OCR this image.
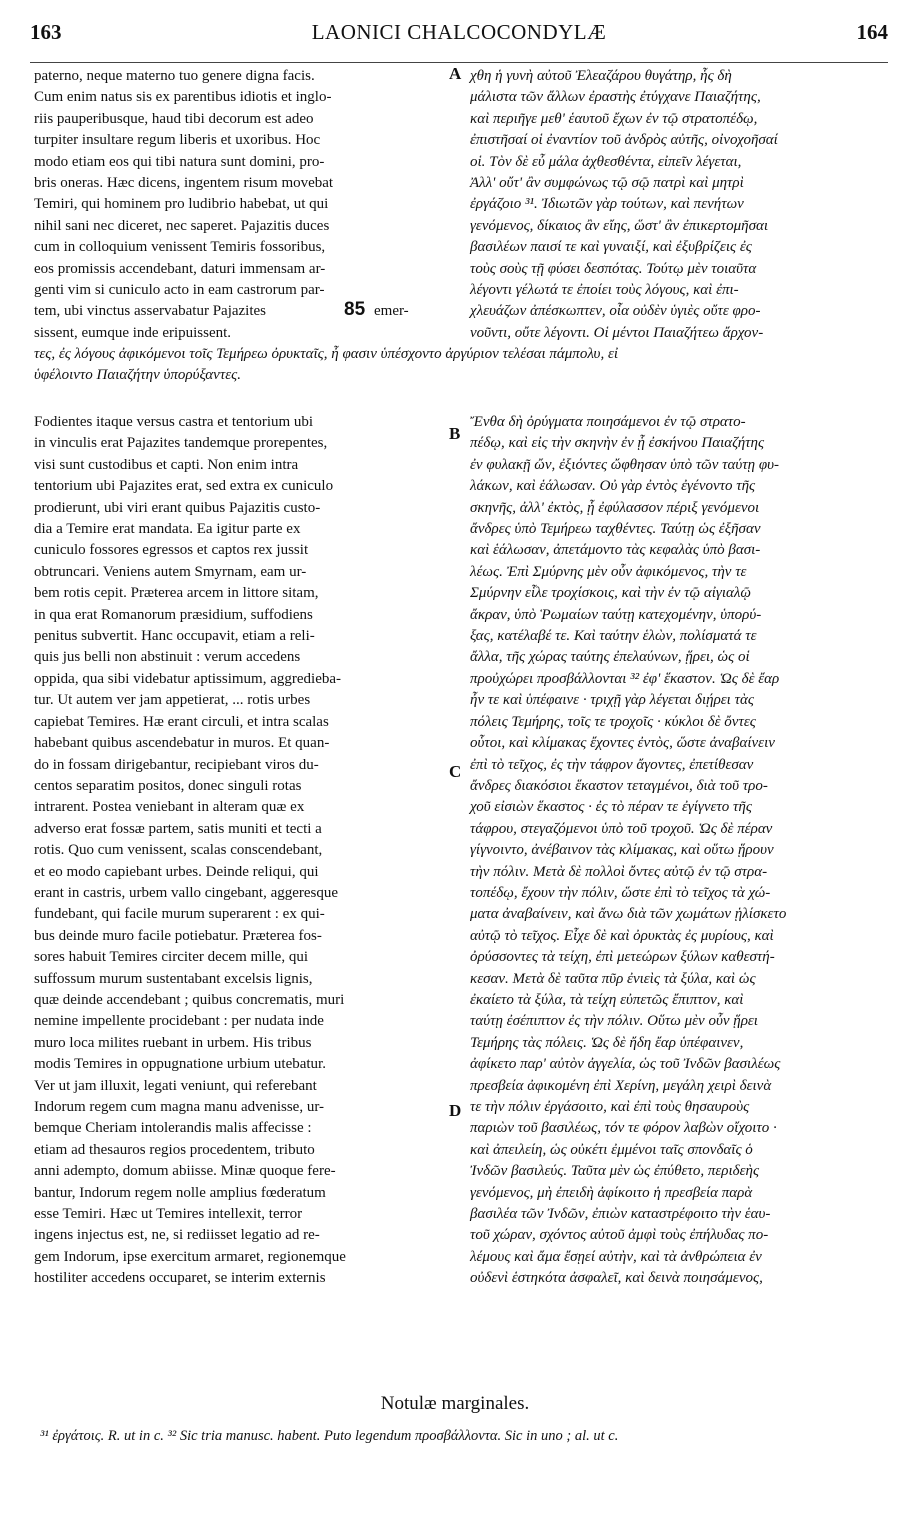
163	LAONICI CHALCOCONDYLÆ	164
paterno, neque materno tuo genere digna facis.
Cum enim natus sis ex parentibus idiotis et inglo-
riis pauperibusque, haud tibi decorum est adeo
turpiter insultare regum liberis et uxoribus. Hoc
modo etiam eos qui tibi natura sunt domini, pro-
bris oneras. Hæc dicens, ingentem risum movebat
Temiri, qui hominem pro ludibrio habebat, ut qui
nihil sani nec diceret, nec saperet. Pajazitis duces
cum in colloquium venissent Temiris fossoribus,
eos promissis accendebant, daturi immensam ar-
genti vim si cuniculo acto in eam castrorum par-
tem, ubi vinctus asservabatur Pajazites	85 emer-
sissent, eumque inde eripuissent.
χθη ἡ γυνὴ αὐτοῦ Ἐλεαζάρου θυγάτηρ, ἧς δὴ
μάλιστα τῶν ἄλλων ἐραστὴς ἐτύγχανε Παιαζήτης,
καὶ περιῆγε μεθ' ἑαυτοῦ ἔχων ἐν τῷ στρατοπέδῳ,
ἐπιστῆσαί οἱ ἐναντίον τοῦ ἀνδρὸς αὐτῆς, οἰνοχοῆσαί
οἱ. Τὸν δὲ εὖ μάλα ἀχθεσθέντα, εἰπεῖν λέγεται,
Ἀλλ' οὔτ' ἂν συμφώνως τῷ σῷ πατρὶ καὶ μητρὶ
ἐργάζοιο ³¹. Ἰδιωτῶν γὰρ τούτων, καὶ πενήτων
γενόμενος, δίκαιος ἂν εἴης, ὥστ' ἂν ἐπικερτομῆσαι
βασιλέων παισί τε καὶ γυναιξί, καὶ ἐξυβρίζεις ἐς
τοὺς σοὺς τῇ φύσει δεσπότας. Τούτῳ μὲν τοιαῦτα
λέγοντι γέλωτά τε ἐποίει τοὺς λόγους, καὶ ἐπι-
χλευάζων ἀπέσκωπτεν, οἷα οὐδὲν ὑγιὲς οὔτε φρο-
νοῦντι, οὔτε λέγοντι. Οἱ μέντοι Παιαζήτεω ἄρχον-
τες, ἐς λόγους ἀφικόμενοι τοῖς Τεμήρεω ὀρυκταῖς, ἦ φασιν ὑπέσχοντο ἀργύριον τελέσαι πάμπολυ, εἰ
ὑφέλοιντο Παιαζήτην ὑπορύξαντες.
Fodientes itaque versus castra et tentorium ubi
in vinculis erat Pajazites tandemque prorepentes,
visi sunt custodibus et capti. Non enim intra
tentorium ubi Pajazites erat, sed extra ex cuniculo
prodierunt, ubi viri erant quibus Pajazitis custo-
dia a Temire erat mandata. Ea igitur parte ex
cuniculo fossores egressos et captos rex jussit
obtruncari. Veniens autem Smyrnam, eam ur-
bem rotis cepit. Præterea arcem in littore sitam,
in qua erat Romanorum præsidium, suffodiens
penitus subvertit. Hanc occupavit, etiam a reli-
quis jus belli non abstinuit : verum accedens
oppida, qua sibi videbatur aptissimum, aggredieba-
tur. Ut autem ver jam appetierat, ... rotis urbes
capiebat Temires. Hæ erant circuli, et intra scalas
habebant quibus ascendebatur in muros. Et quan-
do in fossam dirigebantur, recipiebant viros du-
centos separatim positos, donec singuli rotas
intrarent. Postea veniebant in alteram quæ ex
adverso erat fossæ partem, satis muniti et tecti a
rotis. Quo cum venissent, scalas conscendebant,
et eo modo capiebant urbes. Deinde reliqui, qui
erant in castris, urbem vallo cingebant, aggeresque
fundebant, qui facile murum superarent : ex qui-
bus deinde muro facile potiebatur. Præterea fos-
sores habuit Temires circiter decem mille, qui
suffossum murum sustentabant excelsis lignis,
quæ deinde accendebant ; quibus concrematis, muri
nemine impellente procidebant : per nudata inde
muro loca milites ruebant in urbem. His tribus
modis Temires in oppugnatione urbium utebatur.
Ver ut jam illuxit, legati veniunt, qui referebant
Indorum regem cum magna manu advenisse, ur-
bemque Cheriam intolerandis malis affecisse :
etiam ad thesauros regios procedentem, tributo
anni adempto, domum abiisse. Minæ quoque fere-
bantur, Indorum regem nolle amplius fœderatum
esse Temiri. Hæc ut Temires intellexit, terror
ingens injectus est, ne, si rediisset legatio ad re-
gem Indorum, ipse exercitum armaret, regionemque
hostiliter accedens occuparet, se interim externis
Ἔνθα δὴ ὀρύγματα ποιησάμενοι ἐν τῷ στρατο-
πέδῳ, καὶ εἰς τὴν σκηνὴν ἐν ᾗ ἐσκήνου Παιαζήτης
ἐν φυλακῇ ὤν, ἐξιόντες ὤφθησαν ὑπὸ τῶν ταύτῃ φυ-
λάκων, καὶ ἑάλωσαν. Οὐ γὰρ ἐντὸς ἐγένοντο τῆς
σκηνῆς, ἀλλ' ἐκτὸς, ᾗ ἐφύλασσον πέριξ γενόμενοι
ἄνδρες ὑπὸ Τεμήρεω ταχθέντες. Ταύτῃ ὡς ἐξῆσαν
καὶ ἑάλωσαν, ἀπετάμοντο τὰς κεφαλὰς ὑπὸ βασι-
λέως. Ἐπὶ Σμύρνης μὲν οὖν ἀφικόμενος, τὴν τε
Σμύρνην εἷλε τροχίσκοις, καὶ τὴν ἐν τῷ αἰγιαλῷ
ἄκραν, ὑπὸ Ῥωμαίων ταύτῃ κατεχομένην, ὑπορύ-
ξας, κατέλαβέ τε. Καὶ ταύτην ἑλὼν, πολίσματά τε
ἄλλα, τῆς χώρας ταύτης ἐπελαύνων, ᾕρει, ὡς οἱ
προὐχώρει προσβάλλονται ³² ἐφ' ἕκαστον. Ὡς δὲ ἔαρ
ἦν τε καὶ ὑπέφαινε · τριχῇ γὰρ λέγεται διῄρει τὰς
πόλεις Τεμήρης, τοῖς τε τροχοῖς · κύκλοι δὲ ὄντες
οὗτοι, καὶ κλίμακας ἔχοντες ἐντὸς, ὥστε ἀναβαίνειν
ἐπὶ τὸ τεῖχος, ἐς τὴν τάφρον ἄγοντες, ἐπετίθεσαν
ἄνδρες διακόσιοι ἕκαστον τεταγμένοι, διὰ τοῦ τρο-
χοῦ εἰσιὼν ἕκαστος · ἐς τὸ πέραν τε ἐγίγνετο τῆς
τάφρου, στεγαζόμενοι ὑπὸ τοῦ τροχοῦ. Ὡς δὲ πέραν
γίγνοιντο, ἀνέβαινον τὰς κλίμακας, καὶ οὕτω ᾕρουν
τὴν πόλιν. Μετὰ δὲ πολλοὶ ὄντες αὐτῷ ἐν τῷ στρα-
τοπέδῳ, ἔχουν τὴν πόλιν, ὥστε ἐπὶ τὸ τεῖχος τὰ χώ-
ματα ἀναβαίνειν, καὶ ἄνω διὰ τῶν χωμάτων ᾑλίσκετο
αὐτῷ τὸ τεῖχος. Εἶχε δὲ καὶ ὀρυκτὰς ἐς μυρίους, καὶ
ὀρύσσοντες τὰ τείχη, ἐπὶ μετεώρων ξύλων καθεστή-
κεσαν. Μετὰ δὲ ταῦτα πῦρ ἐνιεὶς τὰ ξύλα, καὶ ὡς
ἐκαίετο τὰ ξύλα, τὰ τείχη εὐπετῶς ἔπιπτον, καὶ
ταύτῃ ἐσέπιπτον ἐς τὴν πόλιν. Οὕτω μὲν οὖν ᾕρει
Τεμήρης τὰς πόλεις. Ὡς δὲ ἤδη ἔαρ ὑπέφαινεν,
ἀφίκετο παρ' αὐτὸν ἀγγελία, ὡς τοῦ Ἰνδῶν βασιλέως
πρεσβεία ἀφικομένη ἐπὶ Χερίνη, μεγάλη χειρὶ δεινὰ
τε τὴν πόλιν ἐργάσοιτο, καὶ ἐπὶ τοὺς θησαυροὺς
παριὼν τοῦ βασιλέως, τόν τε φόρον λαβὼν οἴχοιτο ·
καὶ ἀπειλείη, ὡς οὐκέτι ἐμμένοι ταῖς σπονδαῖς ὁ
Ἰνδῶν βασιλεύς. Ταῦτα μὲν ὡς ἐπύθετο, περιδεὴς
γενόμενος, μὴ ἐπειδὴ ἀφίκοιτο ἡ πρεσβεία παρὰ
βασιλέα τῶν Ἰνδῶν, ἐπιὼν καταστρέφοιτο τὴν ἑαυ-
τοῦ χώραν, σχόντος αὐτοῦ ἀμφὶ τοὺς ἐπήλυδας πο-
λέμους καὶ ἄμα ἔσῃεί αὐτὴν, καὶ τὰ ἀνθρώπεια ἐν
οὐδενὶ ἑστηκότα ἀσφαλεῖ, καὶ δεινὰ ποιησάμενος,
A
B
C
D
Notulæ marginales.
³¹ ἐργάτοις. R. ut in c. ³² Sic tria manusc. habent. Puto legendum προσβάλλοντα. Sic in uno ; al. ut c.
